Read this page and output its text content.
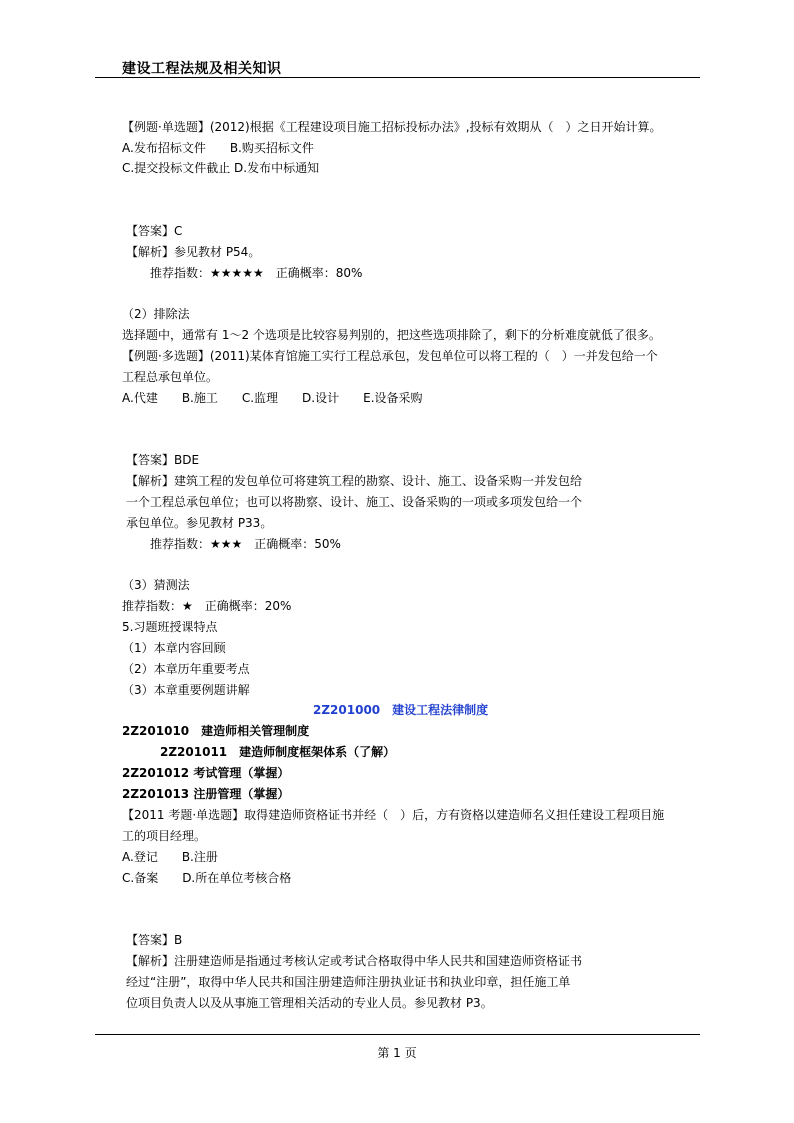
建设工程法规及相关知识
【例题·单选题】(2012)根据《工程建设项目施工招标投标办法》,投标有效期从（　）之日开始计算。
A.发布招标文件　　B.购买招标文件
C.提交投标文件截止 D.发布中标通知
【答案】C
【解析】参见教材 P54。
推荐指数：★★★★★　正确概率：80%
（2）排除法
选择题中，通常有 1～2 个选项是比较容易判别的，把这些选项排除了，剩下的分析难度就低了很多。
【例题·多选题】(2011)某体育馆施工实行工程总承包，发包单位可以将工程的（　）一并发包给一个
工程总承包单位。
A.代建　　B.施工　　C.监理　　D.设计　　E.设备采购
【答案】BDE
【解析】建筑工程的发包单位可将建筑工程的勘察、设计、施工、设备采购一并发包给
一个工程总承包单位；也可以将勘察、设计、施工、设备采购的一项或多项发包给一个
承包单位。参见教材 P33。
推荐指数：★★★　正确概率：50%
（3）猜测法
推荐指数：★　正确概率：20%
5.习题班授课特点
（1）本章内容回顾
（2）本章历年重要考点
（3）本章重要例题讲解
2Z201000　建设工程法律制度
2Z201010　建造师相关管理制度
2Z201011　建造师制度框架体系（了解）
2Z201012 考试管理（掌握）
2Z201013 注册管理（掌握）
【2011 考题·单选题】取得建造师资格证书并经（　）后，方有资格以建造师名义担任建设工程项目施
工的项目经理。
A.登记　　B.注册
C.备案　　D.所在单位考核合格
【答案】B
【解析】注册建造师是指通过考核认定或考试合格取得中华人民共和国建造师资格证书
经过“注册”，取得中华人民共和国注册建造师注册执业证书和执业印章，担任施工单
位项目负责人以及从事施工管理相关活动的专业人员。参见教材 P3。
第 1 页
